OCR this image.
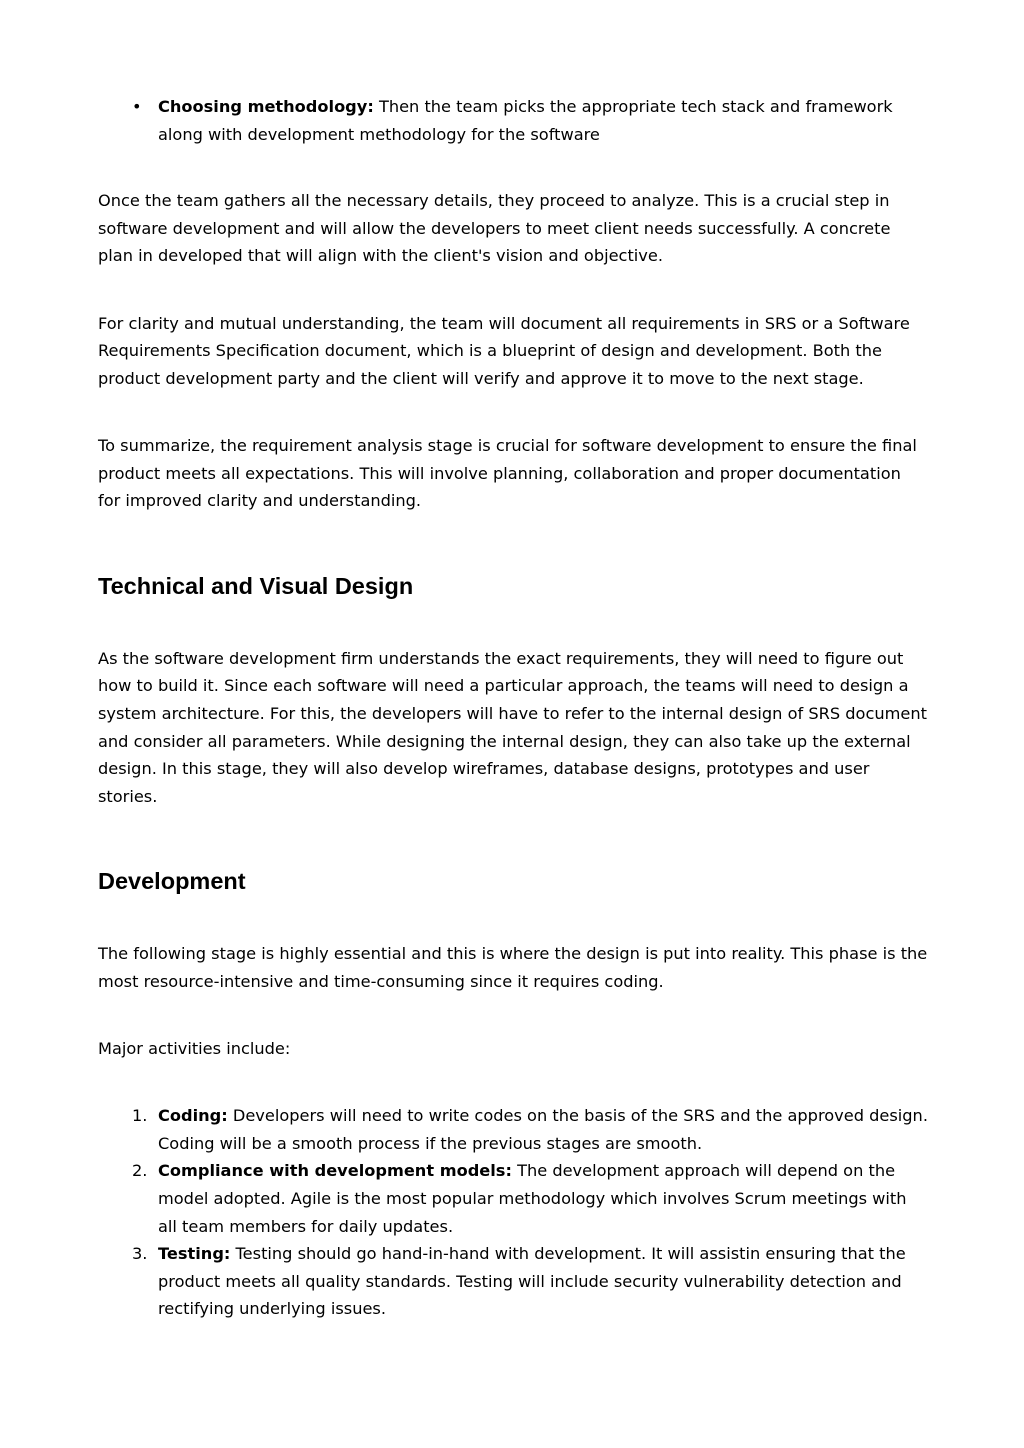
• Choosing methodology: Then the team picks the appropriate tech stack and framework along with development methodology for the software

Once the team gathers all the necessary details, they proceed to analyze. This is a crucial step in software development and will allow the developers to meet client needs successfully. A concrete plan in developed that will align with the client's vision and objective.

For clarity and mutual understanding, the team will document all requirements in SRS or a Software Requirements Specification document, which is a blueprint of design and development. Both the product development party and the client will verify and approve it to move to the next stage.

To summarize, the requirement analysis stage is crucial for software development to ensure the final product meets all expectations. This will involve planning, collaboration and proper documentation for improved clarity and understanding.

Technical and Visual Design

As the software development firm understands the exact requirements, they will need to figure out how to build it. Since each software will need a particular approach, the teams will need to design a system architecture. For this, the developers will have to refer to the internal design of SRS document and consider all parameters. While designing the internal design, they can also take up the external design. In this stage, they will also develop wireframes, database designs, prototypes and user stories.

Development

The following stage is highly essential and this is where the design is put into reality. This phase is the most resource-intensive and time-consuming since it requires coding.

Major activities include:

1. Coding: Developers will need to write codes on the basis of the SRS and the approved design. Coding will be a smooth process if the previous stages are smooth.
2. Compliance with development models: The development approach will depend on the model adopted. Agile is the most popular methodology which involves Scrum meetings with all team members for daily updates.
3. Testing: Testing should go hand-in-hand with development. It will assistin ensuring that the product meets all quality standards. Testing will include security vulnerability detection and rectifying underlying issues.
